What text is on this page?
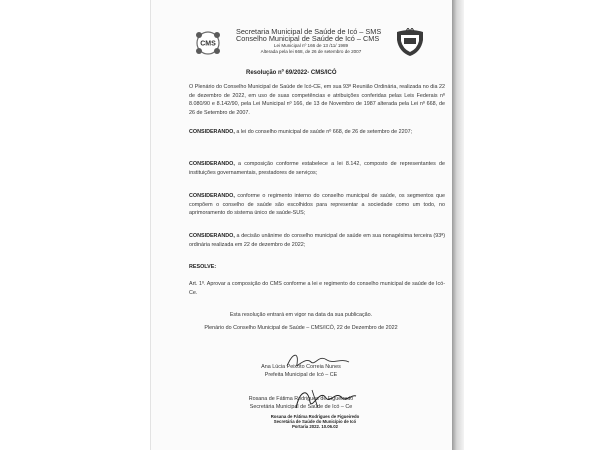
CMS
Secretaria Municipal de Saúde de Icó – SMS
Conselho Municipal de Saúde de Icó – CMS
Lei Municipal nº 166 de 13 /11/ 1989
Alterada pela lei 668, de 26 de setembro de 2007
Resolução nº 69/2022- CMS/ICÓ
O Plenário do Conselho Municipal de Saúde de Icó-CE, em sua 93ª Reunião Ordinária, realizada no dia 22 de dezembro de 2022, em uso de suas competências e atribuições conferidas pelas Leis Federais nº 8.080/90 e 8.142/90, pela Lei Municipal nº 166, de 13 de Novembro de 1987 alterada pela Lei nº 668, de 26 de Setembro de 2007.
CONSIDERANDO, a lei do conselho municipal de saúde nº 668, de 26 de setembro de 2207;
CONSIDERANDO, a composição conforme estabelece a lei 8.142, composto de representantes de instituições governamentais, prestadores de serviços;
CONSIDERANDO, conforme o regimento interno do conselho municipal de saúde, os segmentos que compõem o conselho de saúde são escolhidos para representar a sociedade como um todo, no aprimoramento do sistema único de saúde-SUS;
CONSIDERANDO, a decisão unânime do conselho municipal de saúde em sua nonagésima terceira (93ª) ordinária realizada em 22 de dezembro de 2022;
RESOLVE:
Art. 1º. Aprovar a composição do CMS conforme a lei e regimento do conselho municipal de saúde de Icó- Ce.
Esta resolução entrará em vigor na data da sua publicação.
Plenário do Conselho Municipal de Saúde – CMS/ICÓ, 22 de Dezembro de 2022
Ana Lúcia Peixoto Correia Nunes
Prefeita Municipal de Icó – CE
Rosana de Fátima Rodrigues de Figueiredo
Secretária Municipal de Saúde de Icó – Ce
Rosana de Fátima Rodrigues de Figueiredo
Secretária de Saúde do Município de Icó
Portaria 2022. 10.06.02
